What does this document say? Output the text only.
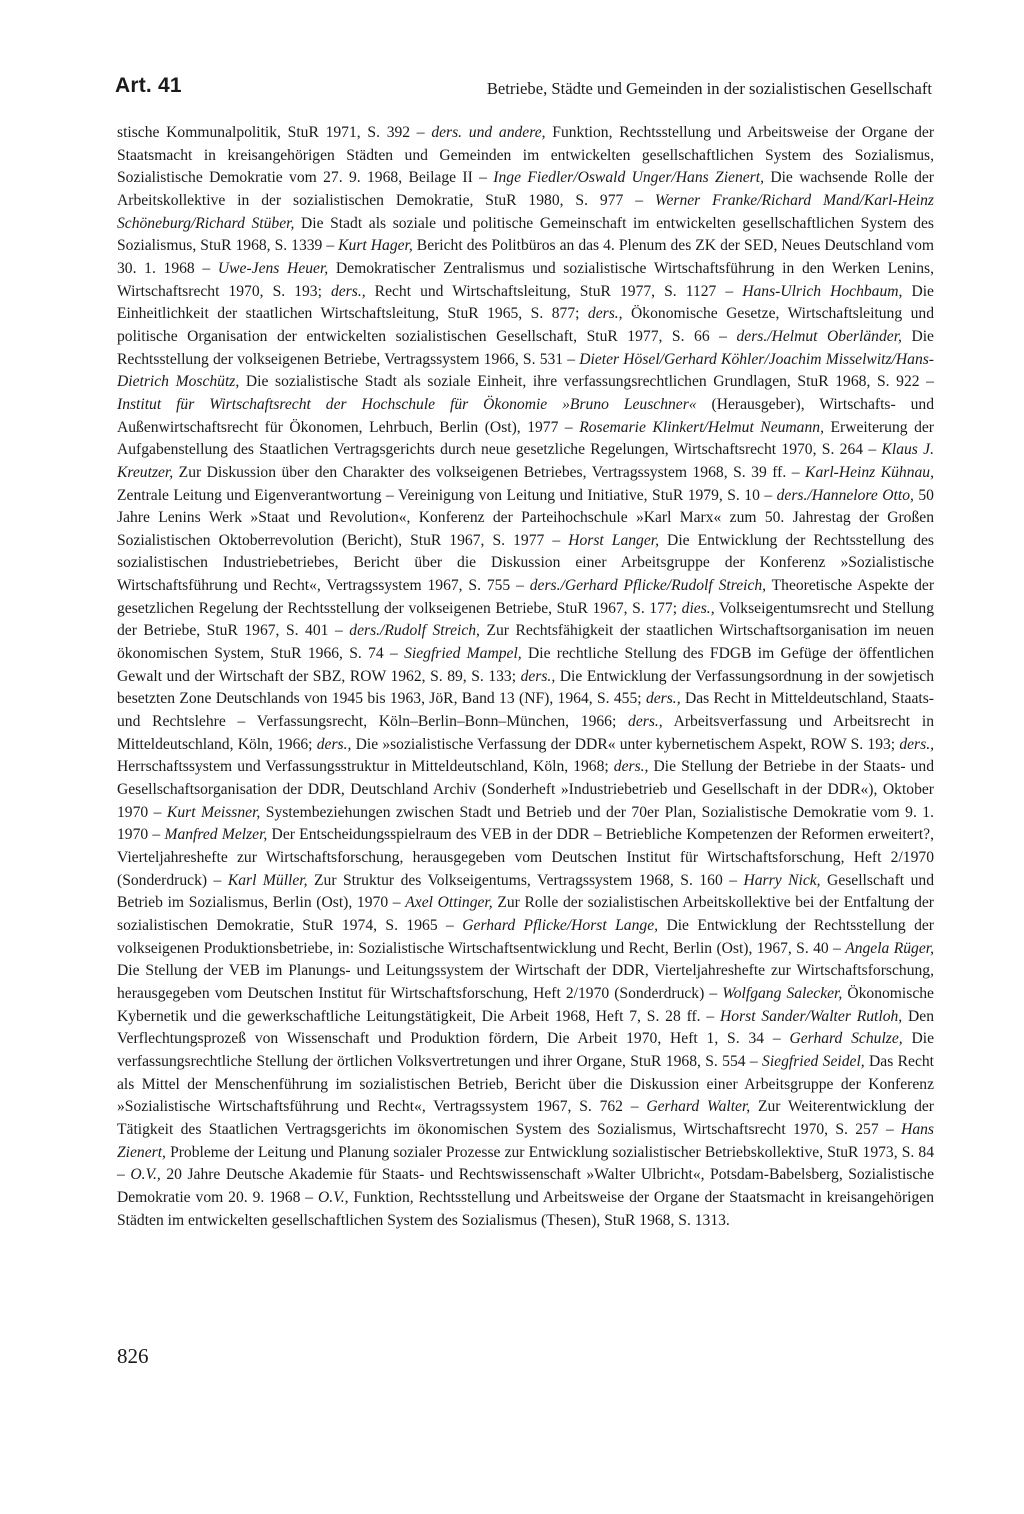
Art. 41	Betriebe, Städte und Gemeinden in der sozialistischen Gesellschaft
stische Kommunalpolitik, StuR 1971, S. 392 – ders. und andere, Funktion, Rechtsstellung und Arbeitsweise der Organe der Staatsmacht in kreisangehörigen Städten und Gemeinden im entwickelten gesellschaftlichen System des Sozialismus, Sozialistische Demokratie vom 27. 9. 1968, Beilage II – Inge Fiedler/Oswald Unger/Hans Zienert, Die wachsende Rolle der Arbeitskollektive in der sozialistischen Demokratie, StuR 1980, S. 977 – Werner Franke/Richard Mand/Karl-Heinz Schöneburg/Richard Stüber, Die Stadt als soziale und politische Gemeinschaft im entwickelten gesellschaftlichen System des Sozialismus, StuR 1968, S. 1339 – Kurt Hager, Bericht des Politbüros an das 4. Plenum des ZK der SED, Neues Deutschland vom 30. 1. 1968 – Uwe-Jens Heuer, Demokratischer Zentralismus und sozialistische Wirtschaftsführung in den Werken Lenins, Wirtschaftsrecht 1970, S. 193; ders., Recht und Wirtschaftsleitung, StuR 1977, S. 1127 – Hans-Ulrich Hochbaum, Die Einheitlichkeit der staatlichen Wirtschaftsleitung, StuR 1965, S. 877; ders., Ökonomische Gesetze, Wirtschaftsleitung und politische Organisation der entwickelten sozialistischen Gesellschaft, StuR 1977, S. 66 – ders./Helmut Oberländer, Die Rechtsstellung der volkseigenen Betriebe, Vertragssystem 1966, S. 531 – Dieter Hösel/Gerhard Köhler/Joachim Misselwitz/Hans-Dietrich Moschütz, Die sozialistische Stadt als soziale Einheit, ihre verfassungsrechtlichen Grundlagen, StuR 1968, S. 922 – Institut für Wirtschaftsrecht der Hochschule für Ökonomie »Bruno Leuschner« (Herausgeber), Wirtschafts- und Außenwirtschaftsrecht für Ökonomen, Lehrbuch, Berlin (Ost), 1977 – Rosemarie Klinkert/Helmut Neumann, Erweiterung der Aufgabenstellung des Staatlichen Vertragsgerichts durch neue gesetzliche Regelungen, Wirtschaftsrecht 1970, S. 264 – Klaus J. Kreutzer, Zur Diskussion über den Charakter des volkseigenen Betriebes, Vertragssystem 1968, S. 39 ff. – Karl-Heinz Kühnau, Zentrale Leitung und Eigenverantwortung – Vereinigung von Leitung und Initiative, StuR 1979, S. 10 – ders./Hannelore Otto, 50 Jahre Lenins Werk »Staat und Revolution«, Konferenz der Parteihochschule »Karl Marx« zum 50. Jahrestag der Großen Sozialistischen Oktoberrevolution (Bericht), StuR 1967, S. 1977 – Horst Langer, Die Entwicklung der Rechtsstellung des sozialistischen Industriebetriebes, Bericht über die Diskussion einer Arbeitsgruppe der Konferenz »Sozialistische Wirtschaftsführung und Recht«, Vertragssystem 1967, S. 755 – ders./Gerhard Pflicke/Rudolf Streich, Theoretische Aspekte der gesetzlichen Regelung der Rechtsstellung der volkseigenen Betriebe, StuR 1967, S. 177; dies., Volkseigentumsrecht und Stellung der Betriebe, StuR 1967, S. 401 – ders./Rudolf Streich, Zur Rechtsfähigkeit der staatlichen Wirtschaftsorganisation im neuen ökonomischen System, StuR 1966, S. 74 – Siegfried Mampel, Die rechtliche Stellung des FDGB im Gefüge der öffentlichen Gewalt und der Wirtschaft der SBZ, ROW 1962, S. 89, S. 133; ders., Die Entwicklung der Verfassungsordnung in der sowjetisch besetzten Zone Deutschlands von 1945 bis 1963, JöR, Band 13 (NF), 1964, S. 455; ders., Das Recht in Mitteldeutschland, Staats- und Rechtslehre – Verfassungsrecht, Köln–Berlin–Bonn–München, 1966; ders., Arbeitsverfassung und Arbeitsrecht in Mitteldeutschland, Köln, 1966; ders., Die »sozialistische Verfassung der DDR« unter kybernetischem Aspekt, ROW S. 193; ders., Herrschaftssystem und Verfassungsstruktur in Mitteldeutschland, Köln, 1968; ders., Die Stellung der Betriebe in der Staats- und Gesellschaftsorganisation der DDR, Deutschland Archiv (Sonderheft »Industriebetrieb und Gesellschaft in der DDR«), Oktober 1970 – Kurt Meissner, Systembeziehungen zwischen Stadt und Betrieb und der 70er Plan, Sozialistische Demokratie vom 9. 1. 1970 – Manfred Melzer, Der Entscheidungsspielraum des VEB in der DDR – Betriebliche Kompetenzen der Reformen erweitert?, Vierteljahreshefte zur Wirtschaftsforschung, herausgegeben vom Deutschen Institut für Wirtschaftsforschung, Heft 2/1970 (Sonderdruck) – Karl Müller, Zur Struktur des Volkseigentums, Vertragssystem 1968, S. 160 – Harry Nick, Gesellschaft und Betrieb im Sozialismus, Berlin (Ost), 1970 – Axel Ottinger, Zur Rolle der sozialistischen Arbeitskollektive bei der Entfaltung der sozialistischen Demokratie, StuR 1974, S. 1965 – Gerhard Pflicke/Horst Lange, Die Entwicklung der Rechtsstellung der volkseigenen Produktionsbetriebe, in: Sozialistische Wirtschaftsentwicklung und Recht, Berlin (Ost), 1967, S. 40 – Angela Rüger, Die Stellung der VEB im Planungs- und Leitungssystem der Wirtschaft der DDR, Vierteljahreshefte zur Wirtschaftsforschung, herausgegeben vom Deutschen Institut für Wirtschaftsforschung, Heft 2/1970 (Sonderdruck) – Wolfgang Salecker, Ökonomische Kybernetik und die gewerkschaftliche Leitungstätigkeit, Die Arbeit 1968, Heft 7, S. 28 ff. – Horst Sander/Walter Rutloh, Den Verflechtungsprozeß von Wissenschaft und Produktion fördern, Die Arbeit 1970, Heft 1, S. 34 – Gerhard Schulze, Die verfassungsrechtliche Stellung der örtlichen Volksvertretungen und ihrer Organe, StuR 1968, S. 554 – Siegfried Seidel, Das Recht als Mittel der Menschenführung im sozialistischen Betrieb, Bericht über die Diskussion einer Arbeitsgruppe der Konferenz »Sozialistische Wirtschaftsführung und Recht«, Vertragssystem 1967, S. 762 – Gerhard Walter, Zur Weiterentwicklung der Tätigkeit des Staatlichen Vertragsgerichts im ökonomischen System des Sozialismus, Wirtschaftsrecht 1970, S. 257 – Hans Zienert, Probleme der Leitung und Planung sozialer Prozesse zur Entwicklung sozialistischer Betriebskollektive, StuR 1973, S. 84 – O.V., 20 Jahre Deutsche Akademie für Staats- und Rechtswissenschaft »Walter Ulbricht«, Potsdam-Babelsberg, Sozialistische Demokratie vom 20. 9. 1968 – O.V., Funktion, Rechtsstellung und Arbeitsweise der Organe der Staatsmacht in kreisangehörigen Städten im entwickelten gesellschaftlichen System des Sozialismus (Thesen), StuR 1968, S. 1313.
826
